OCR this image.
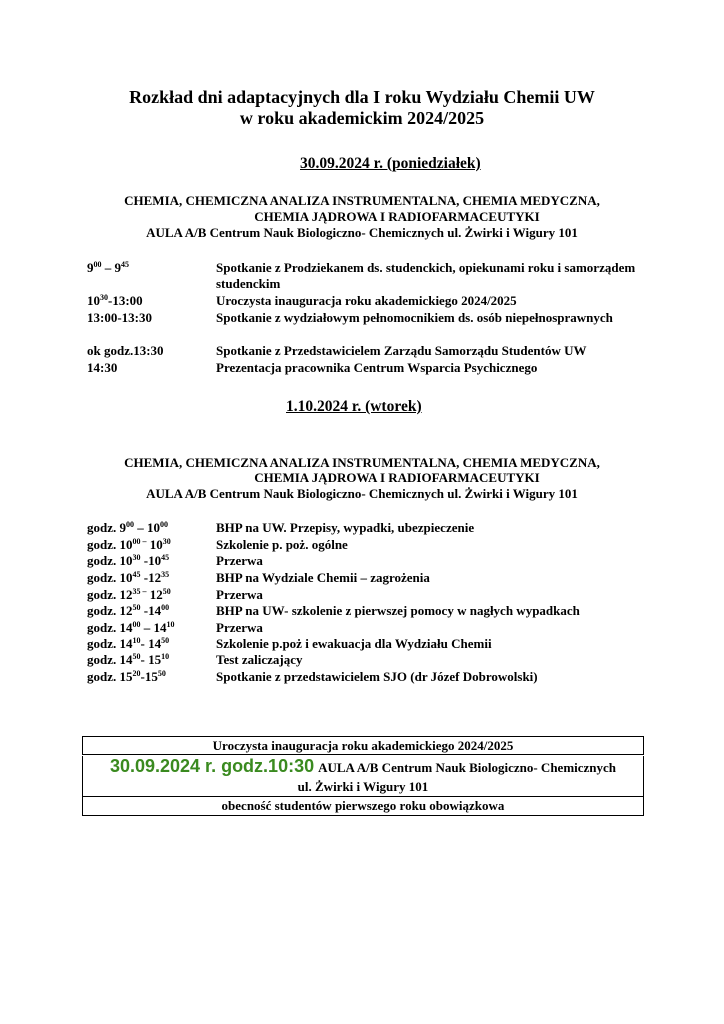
Rozkład dni adaptacyjnych dla I roku Wydziału Chemii UW
w roku akademickim 2024/2025
30.09.2024 r. (poniedziałek)
CHEMIA, CHEMICZNA ANALIZA INSTRUMENTALNA, CHEMIA MEDYCZNA,
CHEMIA JĄDROWA I RADIOFARMACEUTYKI
AULA A/B Centrum Nauk Biologiczno- Chemicznych ul. Żwirki i Wigury 101
$9^{00} - 9^{45}$	Spotkanie z Prodziekanem ds. studenckich, opiekunami roku i samorządem studenckim
$10^{30}-13:00$	Uroczysta inauguracja roku akademickiego 2024/2025
13:00-13:30	Spotkanie z wydziałowym pełnomocnikiem ds. osób niepełnosprawnych
ok godz.13:30	Spotkanie z Przedstawicielem Zarządu Samorządu Studentów UW
14:30	Prezentacja pracownika Centrum Wsparcia Psychicznego
1.10.2024 r. (wtorek)
CHEMIA, CHEMICZNA ANALIZA INSTRUMENTALNA, CHEMIA MEDYCZNA,
CHEMIA JĄDROWA I RADIOFARMACEUTYKI
AULA A/B Centrum Nauk Biologiczno- Chemicznych ul. Żwirki i Wigury 101
godz. $9^{00} - 10^{00}$	BHP na UW. Przepisy, wypadki, ubezpieczenie
godz. $10^{00 -}$ $10^{30}$	Szkolenie p. poż. ogólne
godz. $10^{30}$ $-10^{45}$	Przerwa
godz. $10^{45}$ $-12^{35}$	BHP na Wydziale Chemii – zagrożenia
godz. $12^{35 -}$ $12^{50}$	Przerwa
godz. $12^{50}$ $-14^{00}$	BHP na UW- szkolenie z pierwszej pomocy w nagłych wypadkach
godz. $14^{00} - 14^{10}$	Przerwa
godz. $14^{10}-$ $14^{50}$	Szkolenie p.poż i ewakuacja dla Wydziału Chemii
godz. $14^{50}-$ $15^{10}$	Test zaliczający
godz. $15^{20}-15^{50}$	Spotkanie z przedstawicielem SJO (dr Józef Dobrowolski)
Uroczysta inauguracja roku akademickiego 2024/2025
30.09.2024 r. godz.10:30 AULA A/B Centrum Nauk Biologiczno- Chemicznych
ul. Żwirki i Wigury 101
obecność studentów pierwszego roku obowiązkowa
